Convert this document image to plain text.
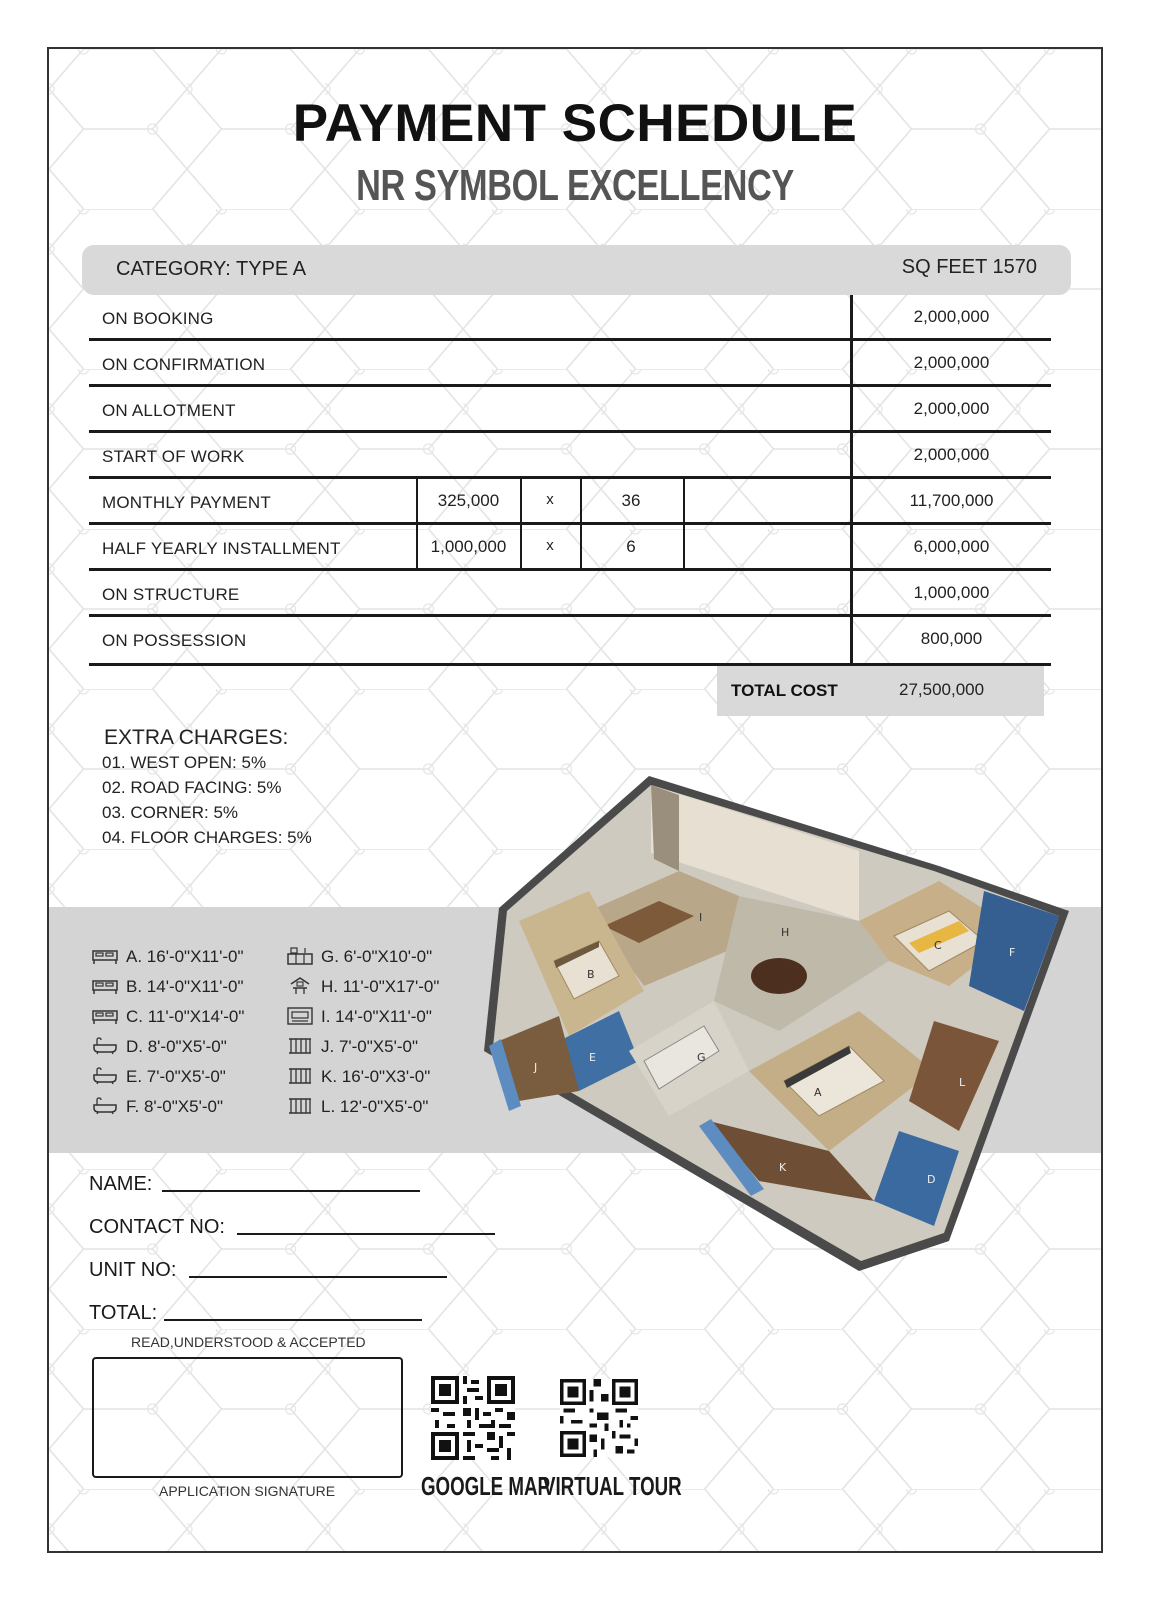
PAYMENT SCHEDULE
NR SYMBOL EXCELLENCY
CATEGORY: TYPE A	SQ FEET 1570
ON BOOKING	2,000,000
ON CONFIRMATION	2,000,000
ON ALLOTMENT	2,000,000
START OF WORK	2,000,000
MONTHLY PAYMENT	325,000	x	36	11,700,000
HALF YEARLY INSTALLMENT	1,000,000	x	6	6,000,000
ON STRUCTURE	1,000,000
ON POSSESSION	800,000
TOTAL COST	27,500,000
EXTRA CHARGES:
01. WEST OPEN: 5%
02. ROAD FACING: 5%
03. CORNER: 5%
04. FLOOR CHARGES: 5%
A. 16'-0"X11'-0"
B. 14'-0"X11'-0"
C. 11'-0"X14'-0"
D. 8'-0"X5'-0"
E. 7'-0"X5'-0"
F. 8'-0"X5'-0"
G. 6'-0"X10'-0"
H. 11'-0"X17'-0"
I. 14'-0"X11'-0"
J. 7'-0"X5'-0"
K. 16'-0"X3'-0"
L. 12'-0"X5'-0"
B
C
A
D
E
F
G
H
I
J
K
L
NAME:
CONTACT NO:
UNIT NO:
TOTAL:
READ,UNDERSTOOD & ACCEPTED
APPLICATION SIGNATURE	GOOGLE MAP
VIRTUAL TOUR
